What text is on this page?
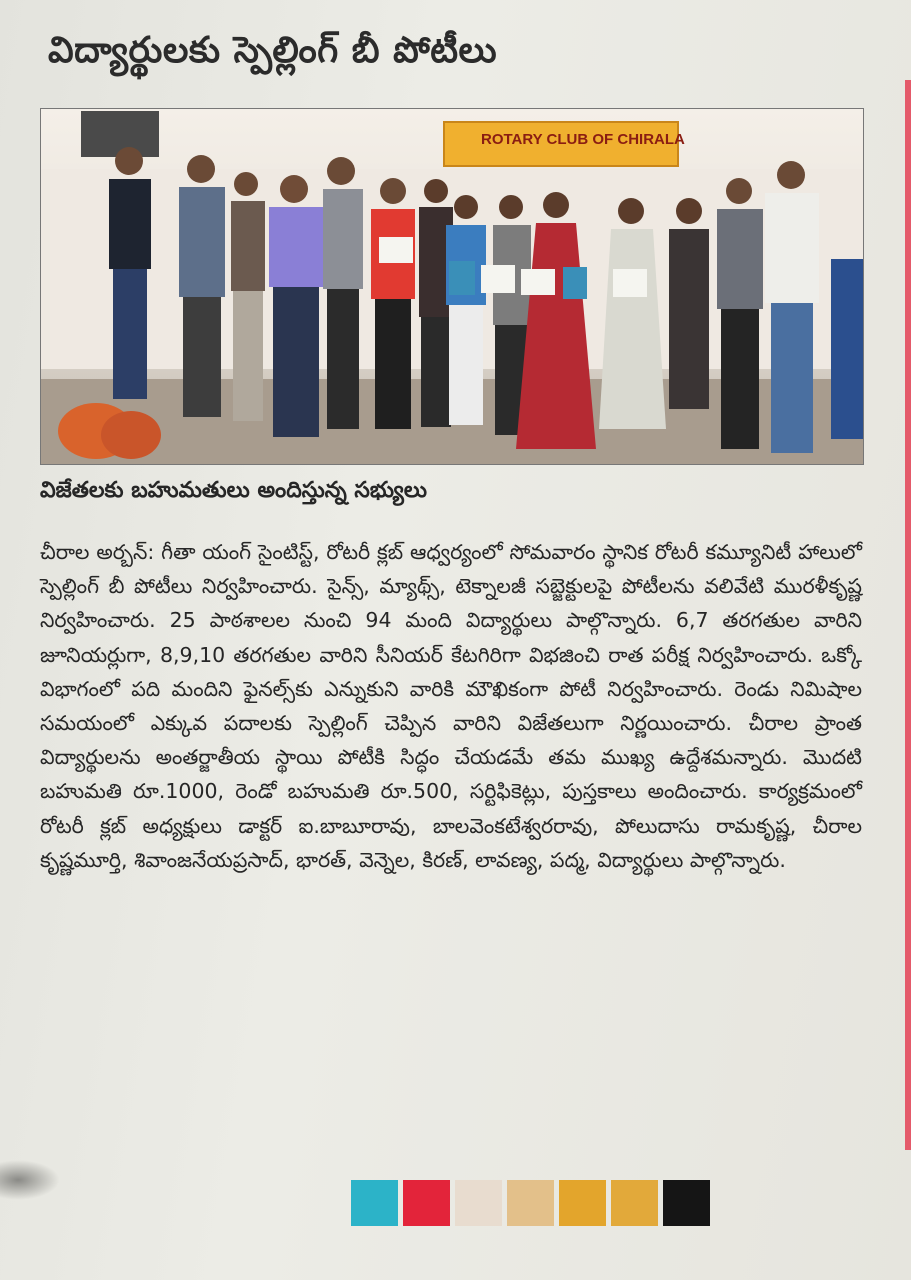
విద్యార్థులకు స్పెల్లింగ్ బీ పోటీలు
ROTARY CLUB OF CHIRALA
విజేతలకు బహుమతులు అందిస్తున్న సభ్యులు
చీరాల అర్బన్: గీతా యంగ్ సైంటిస్ట్, రోటరీ క్లబ్ ఆధ్వర్యంలో సోమవారం స్థానిక రోటరీ కమ్యూనిటీ హాలులో స్పెల్లింగ్ బీ పోటీలు నిర్వహించారు. సైన్స్, మ్యాథ్స్, టెక్నాలజీ సబ్జెక్టులపై పోటీలను వలివేటి మురళీకృష్ణ నిర్వహించారు. 25 పాఠశాలల నుంచి 94 మంది విద్యార్థులు పాల్గొన్నారు. 6,7 తరగతుల వారిని జూనియర్లుగా, 8,9,10 తరగతుల వారిని సీనియర్ కేటగిరిగా విభజించి రాత పరీక్ష నిర్వహించారు. ఒక్కో విభాగంలో పది మందిని ఫైనల్స్‌కు ఎన్నుకుని వారికి మౌఖికంగా పోటీ నిర్వహించారు. రెండు నిమిషాల సమయంలో ఎక్కువ పదాలకు స్పెల్లింగ్ చెప్పిన వారిని విజేతలుగా నిర్ణయించారు. చీరాల ప్రాంత విద్యార్థులను అంతర్జాతీయ స్థాయి పోటీకి సిద్ధం చేయడమే తమ ముఖ్య ఉద్దేశమన్నారు. మొదటి బహుమతి రూ.1000, రెండో బహుమతి రూ.500, సర్టిఫికెట్లు, పుస్తకాలు అందించారు. కార్యక్రమంలో రోటరీ క్లబ్ అధ్యక్షులు డాక్టర్ ఐ.బాబూరావు, బాలవెంకటేశ్వరరావు, పోలుదాసు రామకృష్ణ, చీరాల కృష్ణమూర్తి, శివాంజనేయప్రసాద్, భారత్, వెన్నెల, కిరణ్, లావణ్య, పద్మ, విద్యార్థులు పాల్గొన్నారు.
